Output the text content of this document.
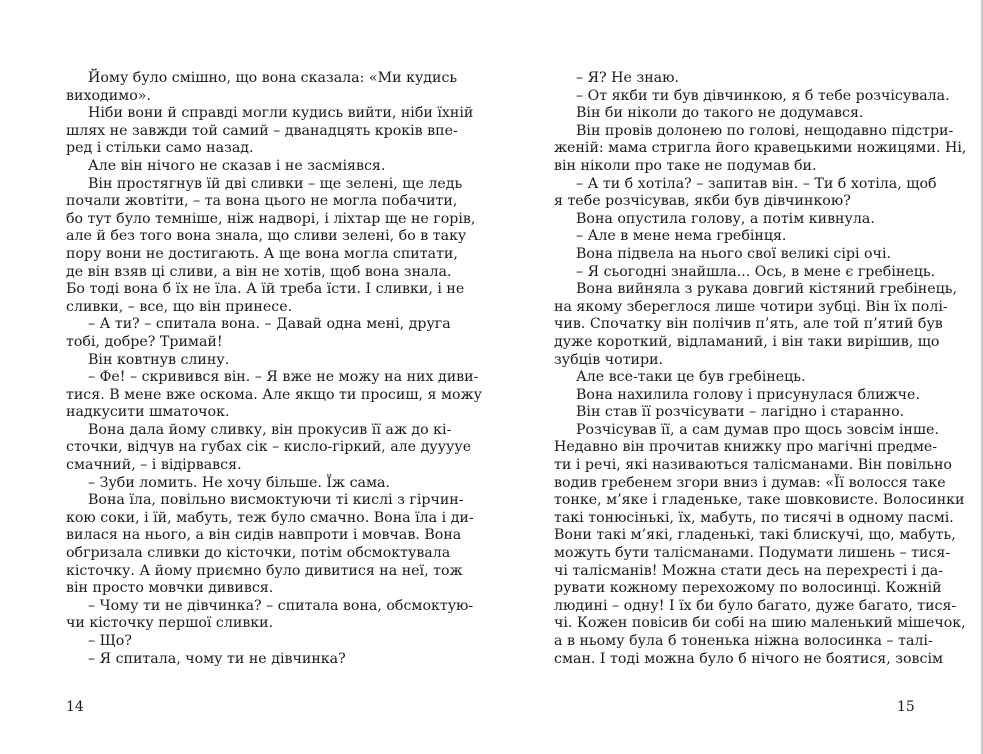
Йому було смішно, що вона сказала: «Ми кудись
виходимо».
Ніби вони й справді могли кудись вийти, ніби їхній
шлях не завжди той самий – дванадцять кроків впе-
ред і стільки само назад.
Але він нічого не сказав і не засміявся.
Він простягнув їй дві сливки – ще зелені, ще ледь
почали жовтіти, – та вона цього не могла побачити,
бо тут було темніше, ніж надворі, і ліхтар ще не горів,
але й без того вона знала, що сливи зелені, бо в таку
пору вони не достигають. А ще вона могла спитати,
де він взяв ці сливи, а він не хотів, щоб вона знала.
Бо тоді вона б їх не їла. А їй треба їсти. І сливки, і не
сливки, – все, що він принесе.
– А ти? – спитала вона. – Давай одна мені, друга
тобі, добре? Тримай!
Він ковтнув слину.
– Фе! – скривився він. – Я вже не можу на них диви-
тися. В мене вже оскома. Але якщо ти просиш, я можу
надкусити шматочок.
Вона дала йому сливку, він прокусив її аж до кі-
сточки, відчув на губах сік – кисло-гіркий, але дууууе
смачний, – і відірвався.
– Зуби ломить. Не хочу більше. Їж сама.
Вона їла, повільно висмоктуючи ті кислі з гірчин-
кою соки, і їй, мабуть, теж було смачно. Вона їла і ди-
вилася на нього, а він сидів навпроти і мовчав. Вона
обгризала сливки до кісточки, потім обсмоктувала
кісточку. А йому приємно було дивитися на неї, тож
він просто мовчки дивився.
– Чому ти не дівчинка? – спитала вона, обсмоктую-
чи кісточку першої сливки.
– Що?
– Я спитала, чому ти не дівчинка?
– Я? Не знаю.
– От якби ти був дівчинкою, я б тебе розчісувала.
Він би ніколи до такого не додумався.
Він провів долонею по голові, нещодавно підстри-
женій: мама стригла його кравецькими ножицями. Ні,
він ніколи про таке не подумав би.
– А ти б хотіла? – запитав він. – Ти б хотіла, щоб
я тебе розчісував, якби був дівчинкою?
Вона опустила голову, а потім кивнула.
– Але в мене нема гребінця.
Вона підвела на нього свої великі сірі очі.
– Я сьогодні знайшла... Ось, в мене є гребінець.
Вона вийняла з рукава довгий кістяний гребінець,
на якому збереглося лише чотири зубці. Він їх полі-
чив. Спочатку він полічив п’ять, але той п’ятий був
дуже короткий, відламаний, і він таки вирішив, що
зубців чотири.
Але все-таки це був гребінець.
Вона нахилила голову і присунулася ближче.
Він став її розчісувати – лагідно і старанно.
Розчісував її, а сам думав про щось зовсім інше.
Недавно він прочитав книжку про магічні предме-
ти і речі, які називаються талісманами. Він повільно
водив гребенем згори вниз і думав: «Її волосся таке
тонке, м’яке і гладеньке, таке шовковисте. Волосинки
такі тонюсінькі, їх, мабуть, по тисячі в одному пасмі.
Вони такі м’які, гладенькі, такі блискучі, що, мабуть,
можуть бути талісманами. Подумати лишень – тися-
чі талісманів! Можна стати десь на перехресті і да-
рувати кожному перехожому по волосинці. Кожній
людині – одну! І їх би було багато, дуже багато, тися-
чі. Кожен повісив би собі на шию маленький мішечок,
а в ньому була б тоненька ніжна волосинка – талі-
сман. І тоді можна було б нічого не боятися, зовсім
14	15
